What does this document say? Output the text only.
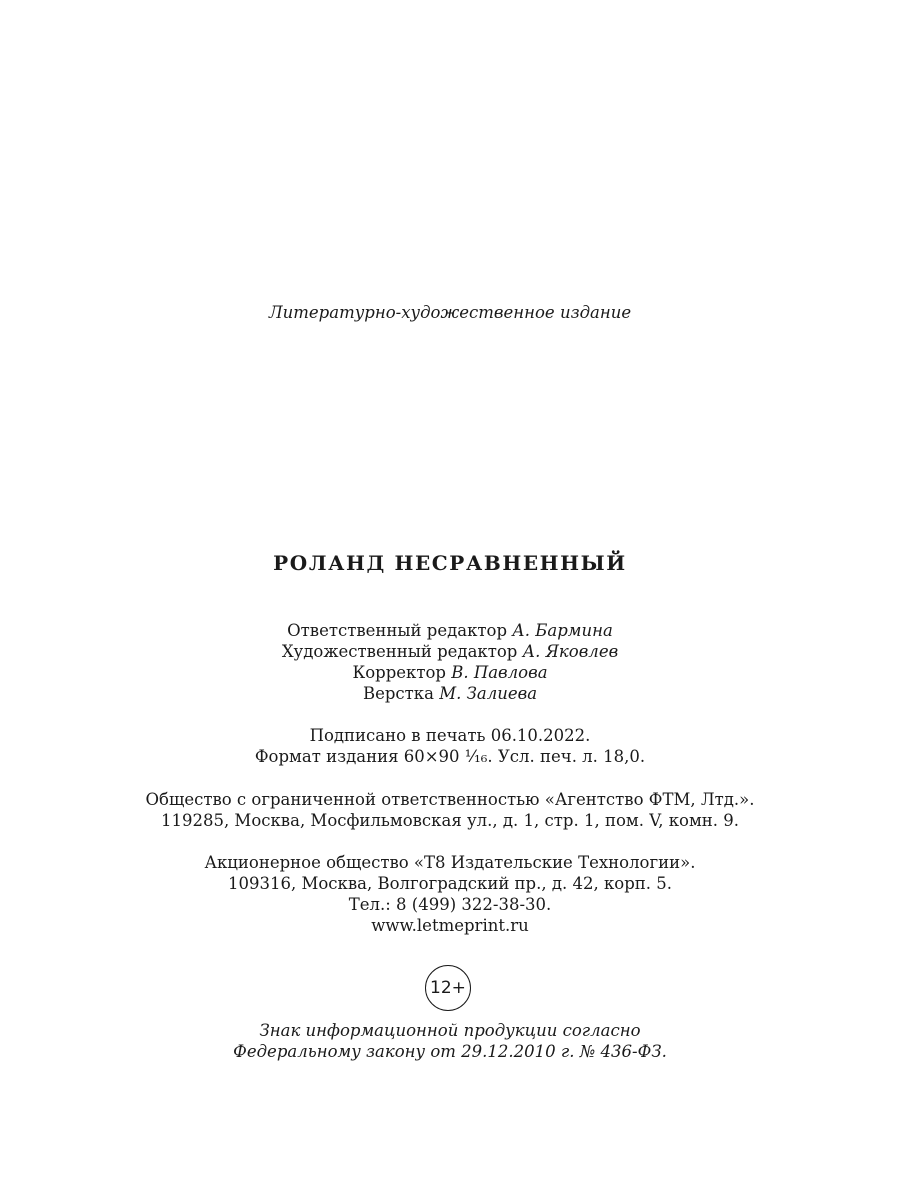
Литературно-художественное издание
РОЛАНД НЕСРАВНЕННЫЙ
Ответственный редактор А. Бармина
Художественный редактор А. Яковлев
Корректор В. Павлова
Верстка М. Залиева
Подписано в печать 06.10.2022.
Формат издания 60×90 ¹⁄₁₆. Усл. печ. л. 18,0.
Общество с ограниченной ответственностью «Агентство ФТМ, Лтд.».
119285, Москва, Мосфильмовская ул., д. 1, стр. 1, пом. V, комн. 9.
Акционерное общество «Т8 Издательские Технологии».
109316, Москва, Волгоградский пр., д. 42, корп. 5.
Тел.: 8 (499) 322-38-30.
www.letmeprint.ru
12+
Знак информационной продукции согласно
Федеральному закону от 29.12.2010 г. № 436-ФЗ.
